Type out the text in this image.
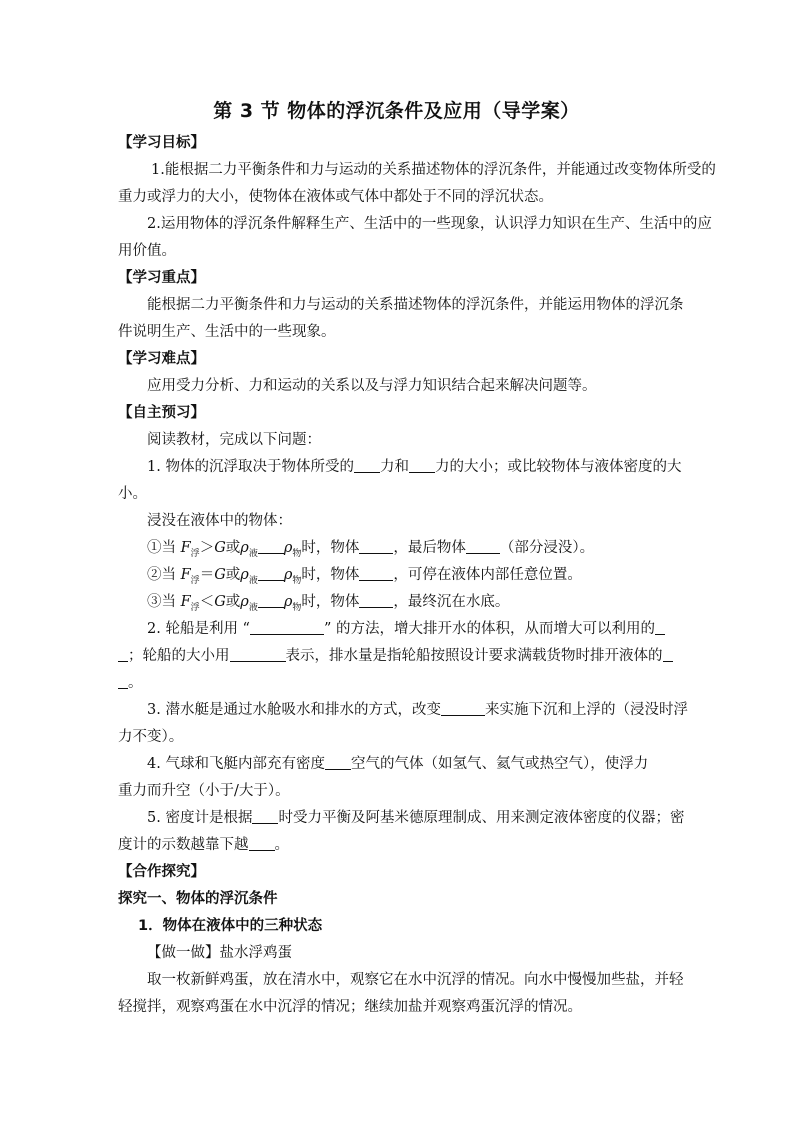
第 3 节 物体的浮沉条件及应用（导学案）
【学习目标】
1.能根据二力平衡条件和力与运动的关系描述物体的浮沉条件，并能通过改变物体所受的
重力或浮力的大小，使物体在液体或气体中都处于不同的浮沉状态。
2.运用物体的浮沉条件解释生产、生活中的一些现象，认识浮力知识在生产、生活中的应
用价值。
【学习重点】
能根据二力平衡条件和力与运动的关系描述物体的浮沉条件，并能运用物体的浮沉条
件说明生产、生活中的一些现象。
【学习难点】
应用受力分析、力和运动的关系以及与浮力知识结合起来解决问题等。
【自主预习】
阅读教材，完成以下问题：
1. 物体的沉浮取决于物体所受的 力和 力的大小；或比较物体与液体密度的大
小。
浸没在液体中的物体：
①当 $F_浮>G$或$\rho_液$ $\rho_物$时，物体 ，最后物体 （部分浸没）。
②当 $F_浮=G$或$\rho_液$ $\rho_物$时，物体 ，可停在液体内部任意位置。
③当 $F_浮<G$或$\rho_液$ $\rho_物$时，物体 ，最终沉在水底。
2. 轮船是利用 “	” 的方法，增大排开水的体积，从而增大可以利用的
；轮船的大小用	表示，排水量是指轮船按照设计要求满载货物时排开液体的
。
3. 潜水艇是通过水舱吸水和排水的方式，改变	来实施下沉和上浮的（浸没时浮
力不变）。
4. 气球和飞艇内部充有密度 空气的气体（如氢气、氦气或热空气），使浮力
重力而升空（小于/大于）。
5. 密度计是根据 时受力平衡及阿基米德原理制成、用来测定液体密度的仪器；密
度计的示数越靠下越 。
【合作探究】
探究一、物体的浮沉条件
1．物体在液体中的三种状态
【做一做】盐水浮鸡蛋
取一枚新鲜鸡蛋，放在清水中，观察它在水中沉浮的情况。向水中慢慢加些盐，并轻
轻搅拌，观察鸡蛋在水中沉浮的情况；继续加盐并观察鸡蛋沉浮的情况。
